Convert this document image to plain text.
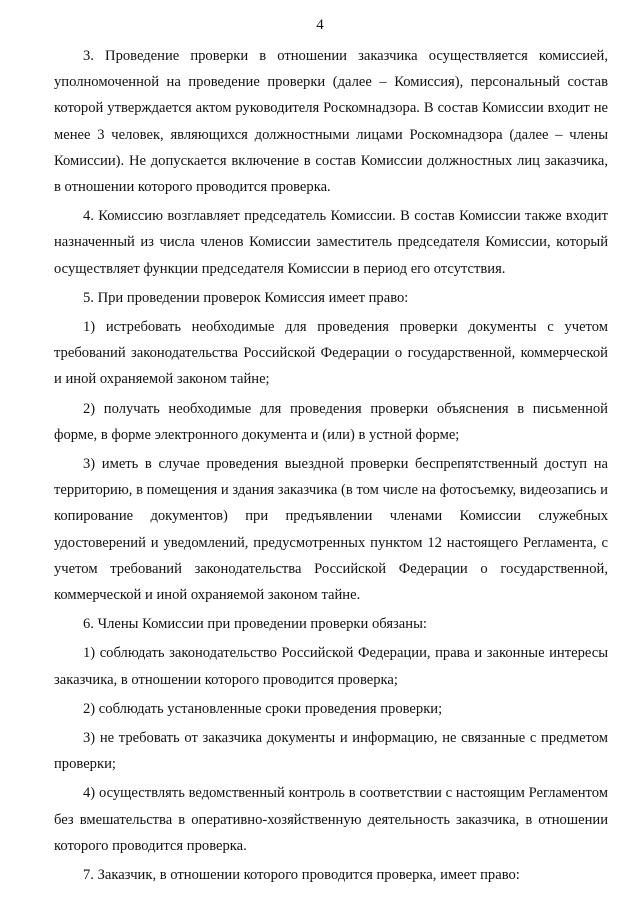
4

3. Проведение проверки в отношении заказчика осуществляется комиссией, уполномоченной на проведение проверки (далее – Комиссия), персональный состав которой утверждается актом руководителя Роскомнадзора. В состав Комиссии входит не менее 3 человек, являющихся должностными лицами Роскомнадзора (далее – члены Комиссии). Не допускается включение в состав Комиссии должностных лиц заказчика, в отношении которого проводится проверка.

4. Комиссию возглавляет председатель Комиссии. В состав Комиссии также входит назначенный из числа членов Комиссии заместитель председателя Комиссии, который осуществляет функции председателя Комиссии в период его отсутствия.

5. При проведении проверок Комиссия имеет право:

1) истребовать необходимые для проведения проверки документы с учетом требований законодательства Российской Федерации о государственной, коммерческой и иной охраняемой законом тайне;

2) получать необходимые для проведения проверки объяснения в письменной форме, в форме электронного документа и (или) в устной форме;

3) иметь в случае проведения выездной проверки беспрепятственный доступ на территорию, в помещения и здания заказчика (в том числе на фотосъемку, видеозапись и копирование документов) при предъявлении членами Комиссии служебных удостоверений и уведомлений, предусмотренных пунктом 12 настоящего Регламента, с учетом требований законодательства Российской Федерации о государственной, коммерческой и иной охраняемой законом тайне.

6. Члены Комиссии при проведении проверки обязаны:

1) соблюдать законодательство Российской Федерации, права и законные интересы заказчика, в отношении которого проводится проверка;

2) соблюдать установленные сроки проведения проверки;

3) не требовать от заказчика документы и информацию, не связанные с предметом проверки;

4) осуществлять ведомственный контроль в соответствии с настоящим Регламентом без вмешательства в оперативно-хозяйственную деятельность заказчика, в отношении которого проводится проверка.

7. Заказчик, в отношении которого проводится проверка, имеет право:
